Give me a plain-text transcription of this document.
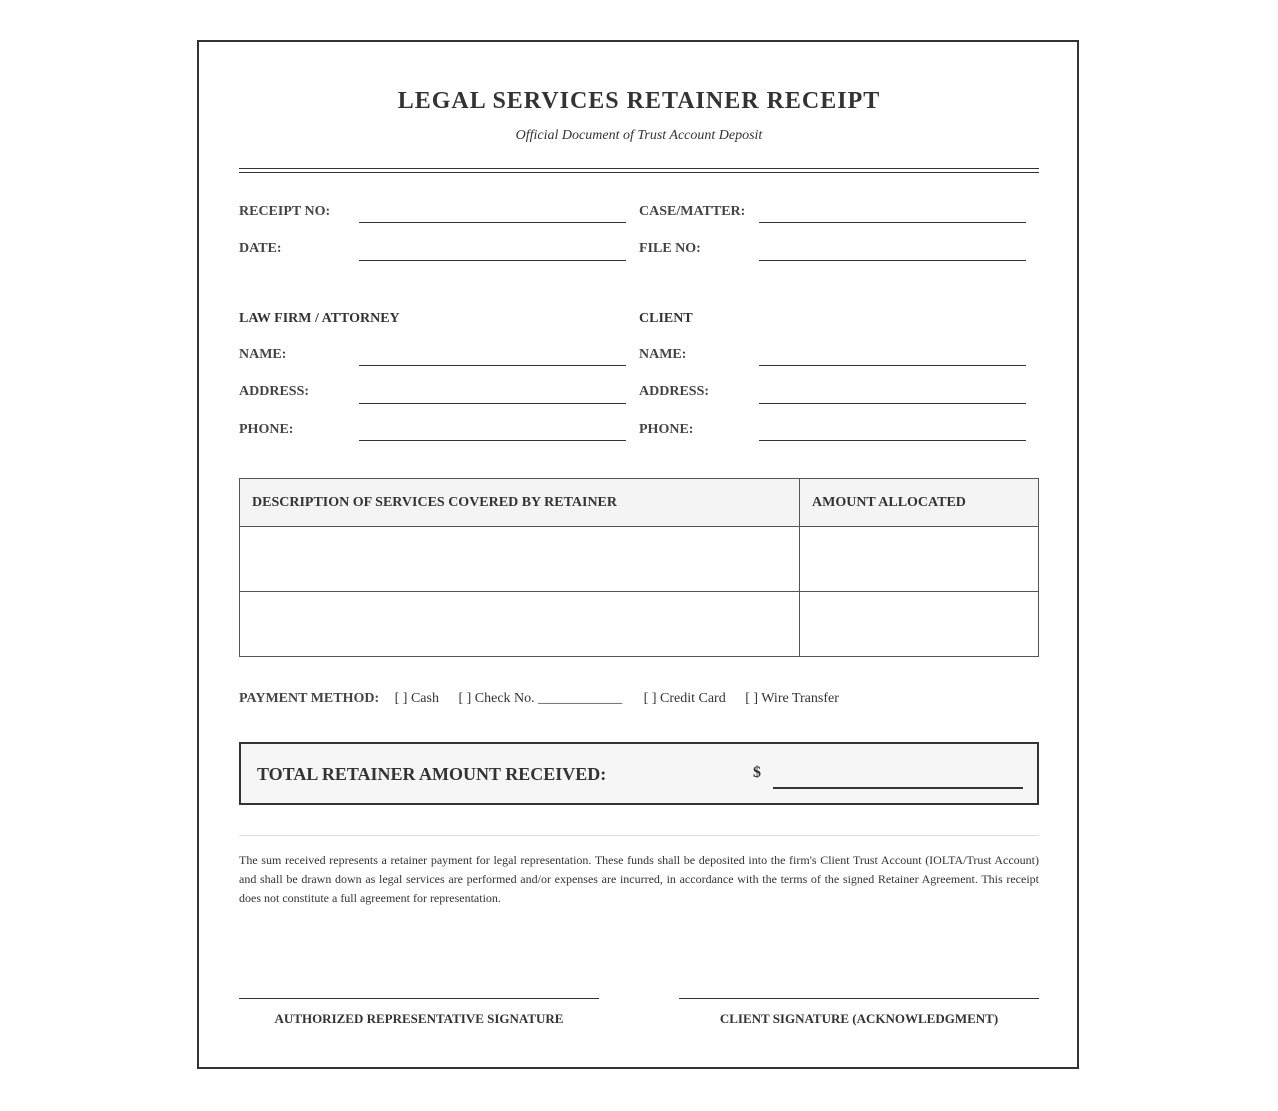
LEGAL SERVICES RETAINER RECEIPT
Official Document of Trust Account Deposit
RECEIPT NO:	CASE/MATTER:
DATE:	FILE NO:
LAW FIRM / ATTORNEY
NAME:
ADDRESS:
PHONE:
CLIENT
NAME:
ADDRESS:
PHONE:
DESCRIPTION OF SERVICES COVERED BY RETAINER	AMOUNT ALLOCATED

PAYMENT METHOD: [ ] Cash [ ] Check No. ____________ [ ] Credit Card [ ] Wire Transfer
TOTAL RETAINER AMOUNT RECEIVED:	$
The sum received represents a retainer payment for legal representation. These funds shall be deposited into the firm's Client Trust Account (IOLTA/Trust Account) and shall be drawn down as legal services are performed and/or expenses are incurred, in accordance with the terms of the signed Retainer Agreement. This receipt does not constitute a full agreement for representation.
AUTHORIZED REPRESENTATIVE SIGNATURE	CLIENT SIGNATURE (ACKNOWLEDGMENT)
